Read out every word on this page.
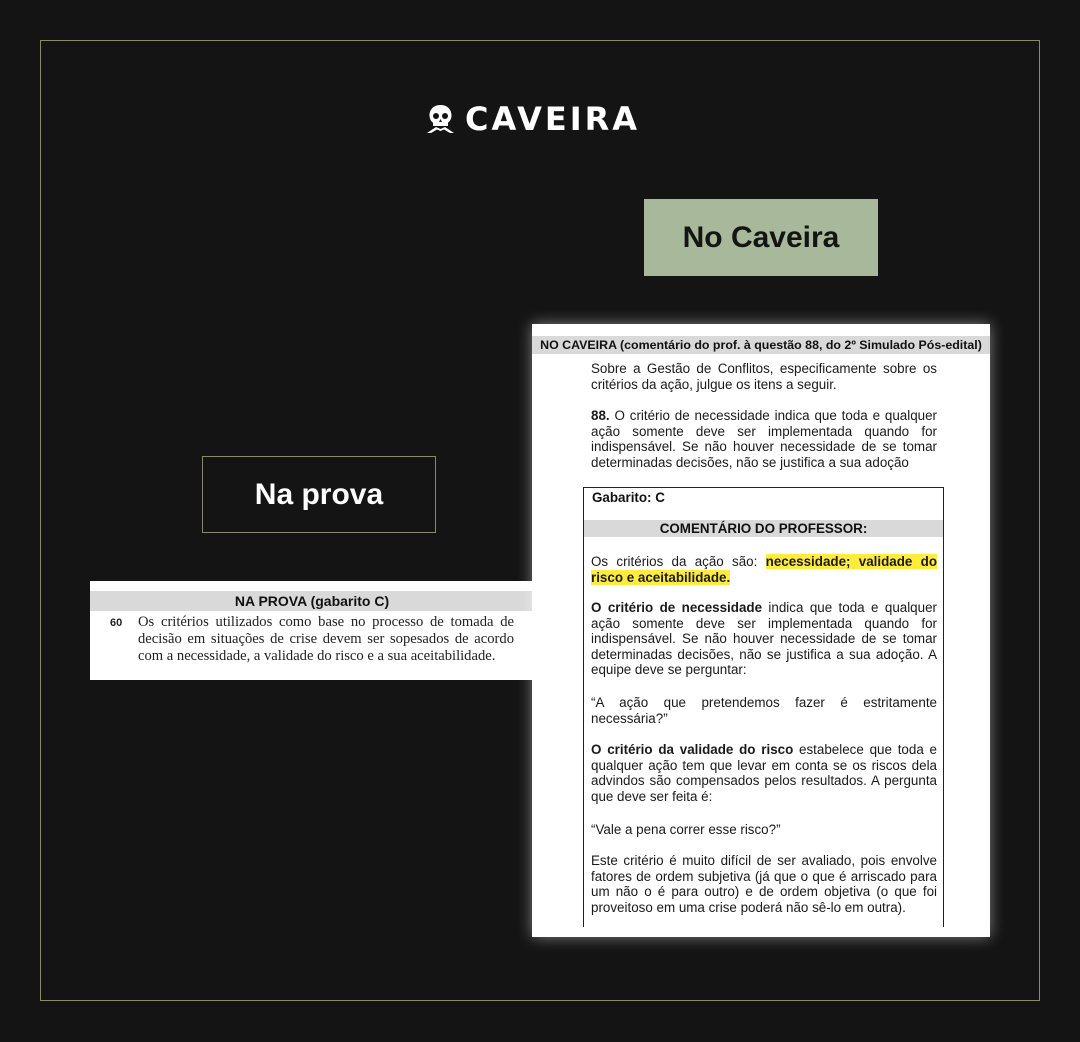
CAVEIRA
No Caveira
Na prova
NA PROVA (gabarito C)
60 Os critérios utilizados como base no processo de tomada de decisão em situações de crise devem ser sopesados de acordo com a necessidade, a validade do risco e a sua aceitabilidade.
NO CAVEIRA (comentário do prof. à questão 88, do 2º Simulado Pós-edital)
Sobre a Gestão de Conflitos, especificamente sobre os critérios da ação, julgue os itens a seguir.
88. O critério de necessidade indica que toda e qualquer ação somente deve ser implementada quando for indispensável. Se não houver necessidade de se tomar determinadas decisões, não se justifica a sua adoção
Gabarito: C
COMENTÁRIO DO PROFESSOR:
Os critérios da ação são: necessidade; validade do risco e aceitabilidade.
O critério de necessidade indica que toda e qualquer ação somente deve ser implementada quando for indispensável. Se não houver necessidade de se tomar determinadas decisões, não se justifica a sua adoção. A equipe deve se perguntar:
“A ação que pretendemos fazer é estritamente necessária?”
O critério da validade do risco estabelece que toda e qualquer ação tem que levar em conta se os riscos dela advindos são compensados pelos resultados. A pergunta que deve ser feita é:
“Vale a pena correr esse risco?”
Este critério é muito difícil de ser avaliado, pois envolve fatores de ordem subjetiva (já que o que é arriscado para um não o é para outro) e de ordem objetiva (o que foi proveitoso em uma crise poderá não sê-lo em outra).
